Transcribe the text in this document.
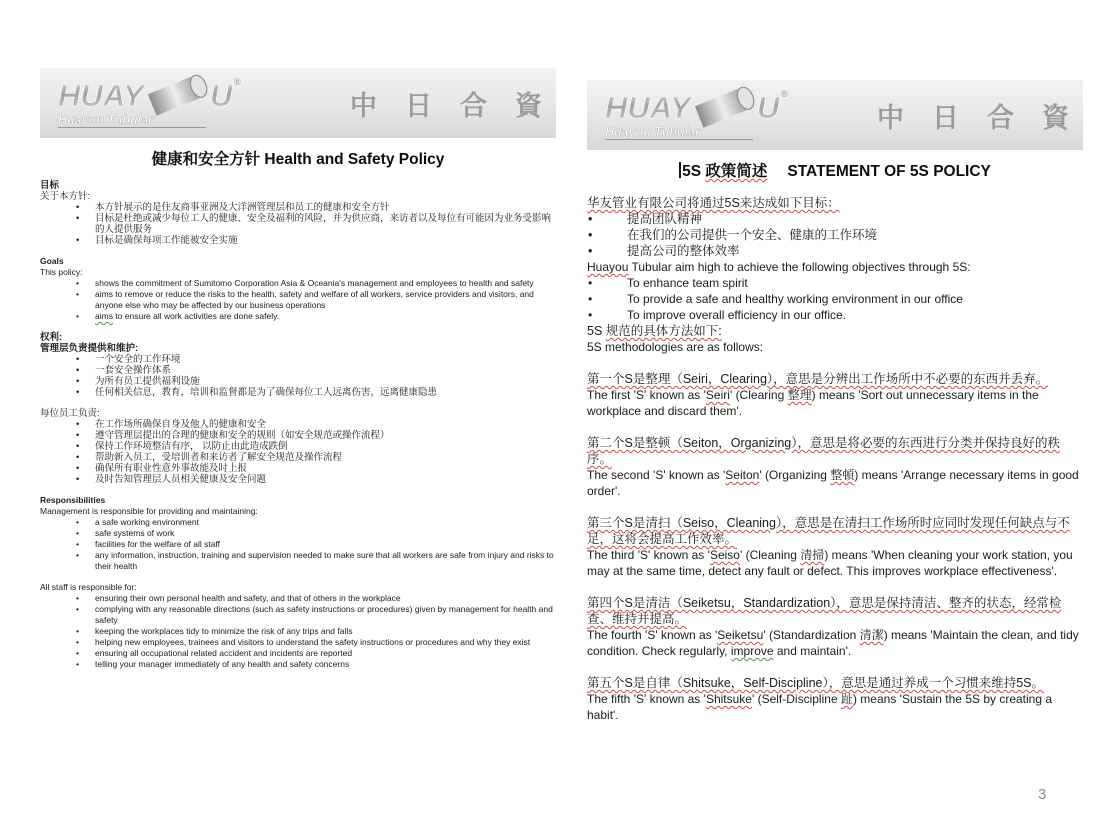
HUAY U ®
Huayou Tubular	中日合資
健康和安全方针 Health and Safety Policy
目标

关于本方针:

• 本方针展示的是住友商事亚洲及大洋洲管理层和员工的健康和安全方针
• 目标是杜绝或减少每位工人的健康、安全及福利的风险，并为供应商，来访者以及每位有可能因为业务受影响的人提供服务
• 目标是确保每项工作能被安全实施
Goals

This policy:

• shows the commitment of Sumitomo Corporation Asia & Oceania's management and employees to health and safety
• aims to remove or reduce the risks to the health, safety and welfare of all workers, service providers and visitors, and anyone else who may be affected by our business operations
• aims to ensure all work activities are done safely.
权利:
管理层负责提供和维护:
• 一个安全的工作环境
• 一套安全操作体系
• 为所有员工提供福利设施
• 任何相关信息，教育，培训和监督都是为了确保每位工人远离伤害，远离健康隐患

每位员工负责:

• 在工作场所确保自身及他人的健康和安全
• 遵守管理层提出的合理的健康和安全的规则（如安全规范或操作流程）
• 保持工作环境整洁有序， 以防止由此造成跌倒
• 帮助新入员工，受培训者和来访者了解安全规范及操作流程
• 确保所有职业性意外事故能及时上报
• 及时告知管理层人员相关健康及安全问题
Responsibilities

Management is responsible for providing and maintaining:

• a safe working environment
• safe systems of work
• facilities for the welfare of all staff
• any information, instruction, training and supervision needed to make sure that all workers are safe from injury and risks to their health

All staff is responsible for:

• ensuring their own personal health and safety, and that of others in the workplace
• complying with any reasonable directions (such as safety instructions or procedures) given by management for health and safety
• keeping the workplaces tidy to minimize the risk of any trips and falls
• helping new employees, trainees and visitors to understand the safety instructions or procedures and why they exist
• ensuring all occupational related accident and incidents are reported
• telling your manager immediately of any health and safety concerns
HUAY U ®
Huayou Tubular	中日合資
5S 政策简述 STATEMENT OF 5S POLICY

华友管业有限公司将通过5S来达成如下目标：

• 提高团队精神
• 在我们的公司提供一个安全、健康的工作环境
• 提高公司的整体效率

Huayou Tubular aim high to achieve the following objectives through 5S:

• To enhance team spirit
• To provide a safe and healthy working environment in our office
• To improve overall efficiency in our office.

5S 规范的具体方法如下:

5S methodologies are as follows:

第一个S是整理（Seiri，Clearing），意思是分辨出工作场所中不必要的东西并丢弃。

The first 'S' known as 'Seiri' (Clearing 整理) means 'Sort out unnecessary items in the workplace and discard them'.

第二个S是整顿（Seiton，Organizing），意思是将必要的东西进行分类并保持良好的秩序。

The second 'S' known as 'Seiton' (Organizing 整頓) means 'Arrange necessary items in good order'.

第三个S是清扫（Seiso，Cleaning），意思是在清扫工作场所时应同时发现任何缺点与不足，这将会提高工作效率。

The third 'S' known as 'Seiso' (Cleaning 清掃) means 'When cleaning your work station, you may at the same time, detect any fault or defect. This improves workplace effectiveness'.

第四个S是清洁（Seiketsu，Standardization），意思是保持清洁、整齐的状态，经常检查、维持并提高。

The fourth 'S' known as 'Seiketsu' (Standardization 清潔) means 'Maintain the clean, and tidy condition. Check regularly, improve and maintain'.

第五个S是自律（Shitsuke，Self-Discipline），意思是通过养成一个习惯来维持5S。

The fifth 'S' known as 'Shitsuke' (Self-Discipline 趾) means 'Sustain the 5S by creating a habit'.

3
